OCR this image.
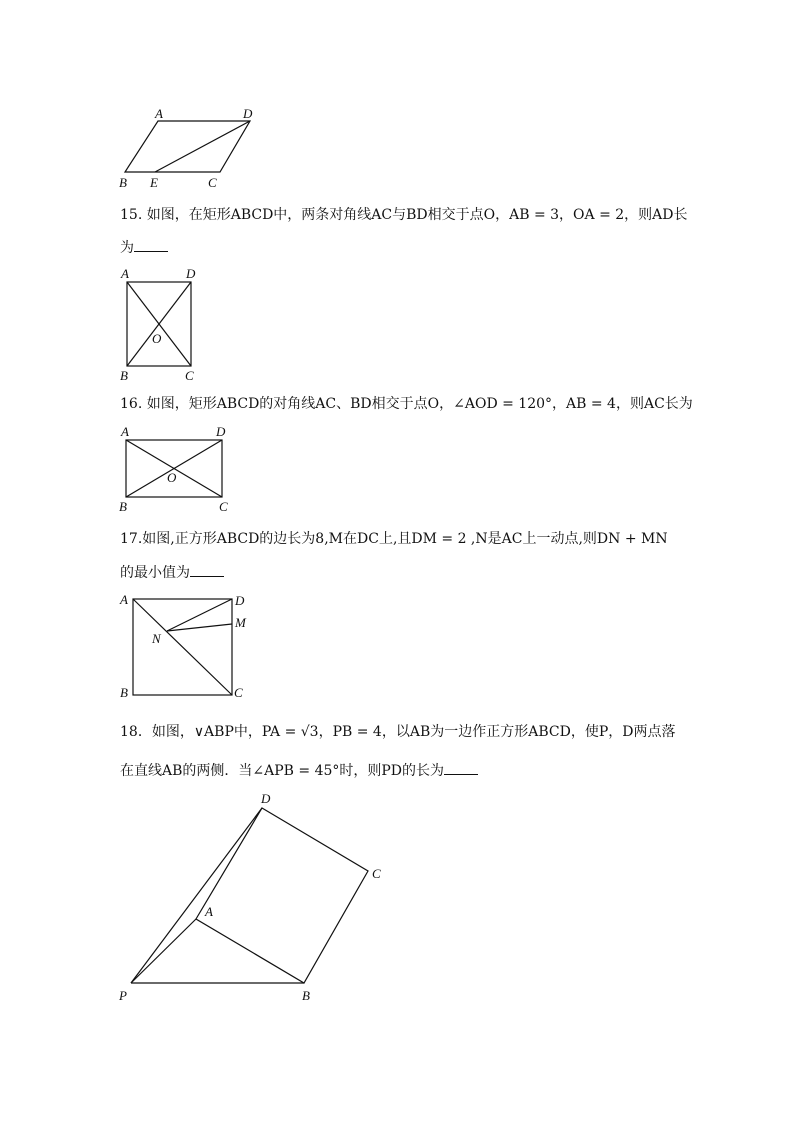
A	D
B E	C
15. 如图，在矩形ABCD中，两条对角线AC与BD相交于点O，AB = 3，OA = 2，则AD长
为
A	D
O
B	C
16. 如图，矩形ABCD的对角线AC、BD相交于点O，∠AOD = 120°，AB = 4，则AC长为
A	D
O
B	C
17.如图,正方形ABCD的边长为8,M在DC上,且DM = 2 ,N是AC上一动点,则DN + MN
的最小值为
A	D
M
N
B	C
18．如图，∨ABP中，PA = √3，PB = 4，以AB为一边作正方形ABCD，使P，D两点落
在直线AB的两侧．当∠APB = 45°时，则PD的长为
D
C
A
P	B
